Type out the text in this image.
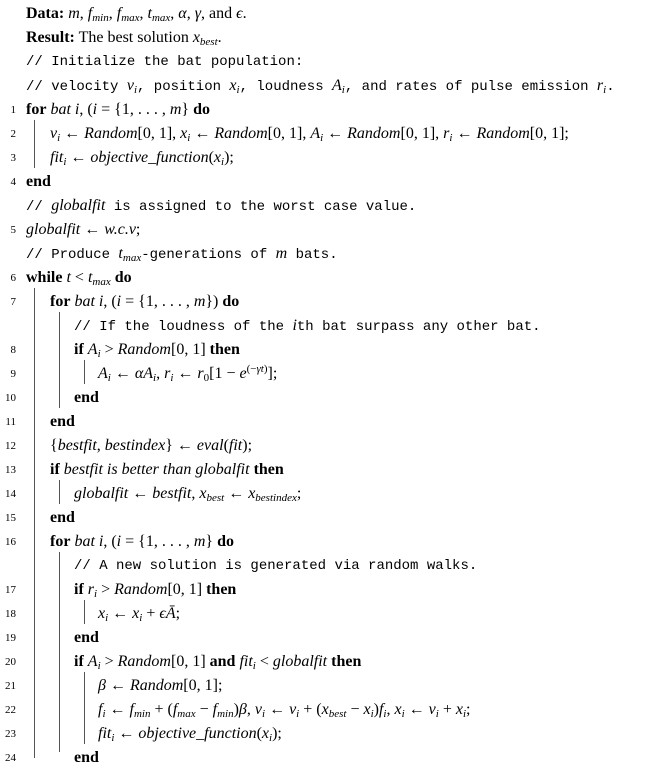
Data: m, $f_{min}$, $f_{max}$, $t_{max}$, α, γ, and ϵ.
Result: The best solution $x_{best}$.
// Initialize the bat population:
// velocity $v_i$, position $x_i$, loudness $A_i$, and rates of pulse emission $r_i$.
1 for bat i, (i = {1, . . . , m} do
2 $v_i$ ← Random[0, 1], $x_i$ ← Random[0, 1], $A_i$ ← Random[0, 1], $r_i$ ← Random[0, 1];
3 fit$_i$ ← $objective\_function(x_i)$;
4 end
// globalfit is assigned to the worst case value.
5 globalfit ← w.c.v;
// Produce $t_{max}$-generations of m bats.
6 while $t < t_{max}$ do
7 for bat i, (i = {1, . . . , m}) do
// If the loudness of the ith bat surpass any other bat.
8	if $A_i$ > Random[0, 1] then
9	$A_i$ ← $\alpha A_i$, $r_i$ ← $r_0[1 - e^{(-\gamma t)}]$;
10	end
11 end
12 {bestfit, bestindex} ← eval(fit);
13 if bestfit is better than globalfit then
14	globalfit ← bestfit, $x_{best}$ ← $x_{bestindex}$;
15 end
16 for bat i, (i = {1, . . . , m} do
// A new solution is generated via random walks.
17	if $r_i$ > Random[0, 1] then
18	$x_i$ ← $x_i$ + ϵĀ;
19	end
20	if $A_i$ > Random[0, 1] and fit$_i$ < globalfit then
21	β ← Random[0, 1];
22	$f_i$ ← $f_{min} + (f_{max} - f_{min})\beta$, $v_i$ ← $v_i + (x_{best} - x_i)f_i$, $x_i$ ← $v_i + x_i$;
23	fit$_i$ ← $objective\_function(x_i)$;
24	end
